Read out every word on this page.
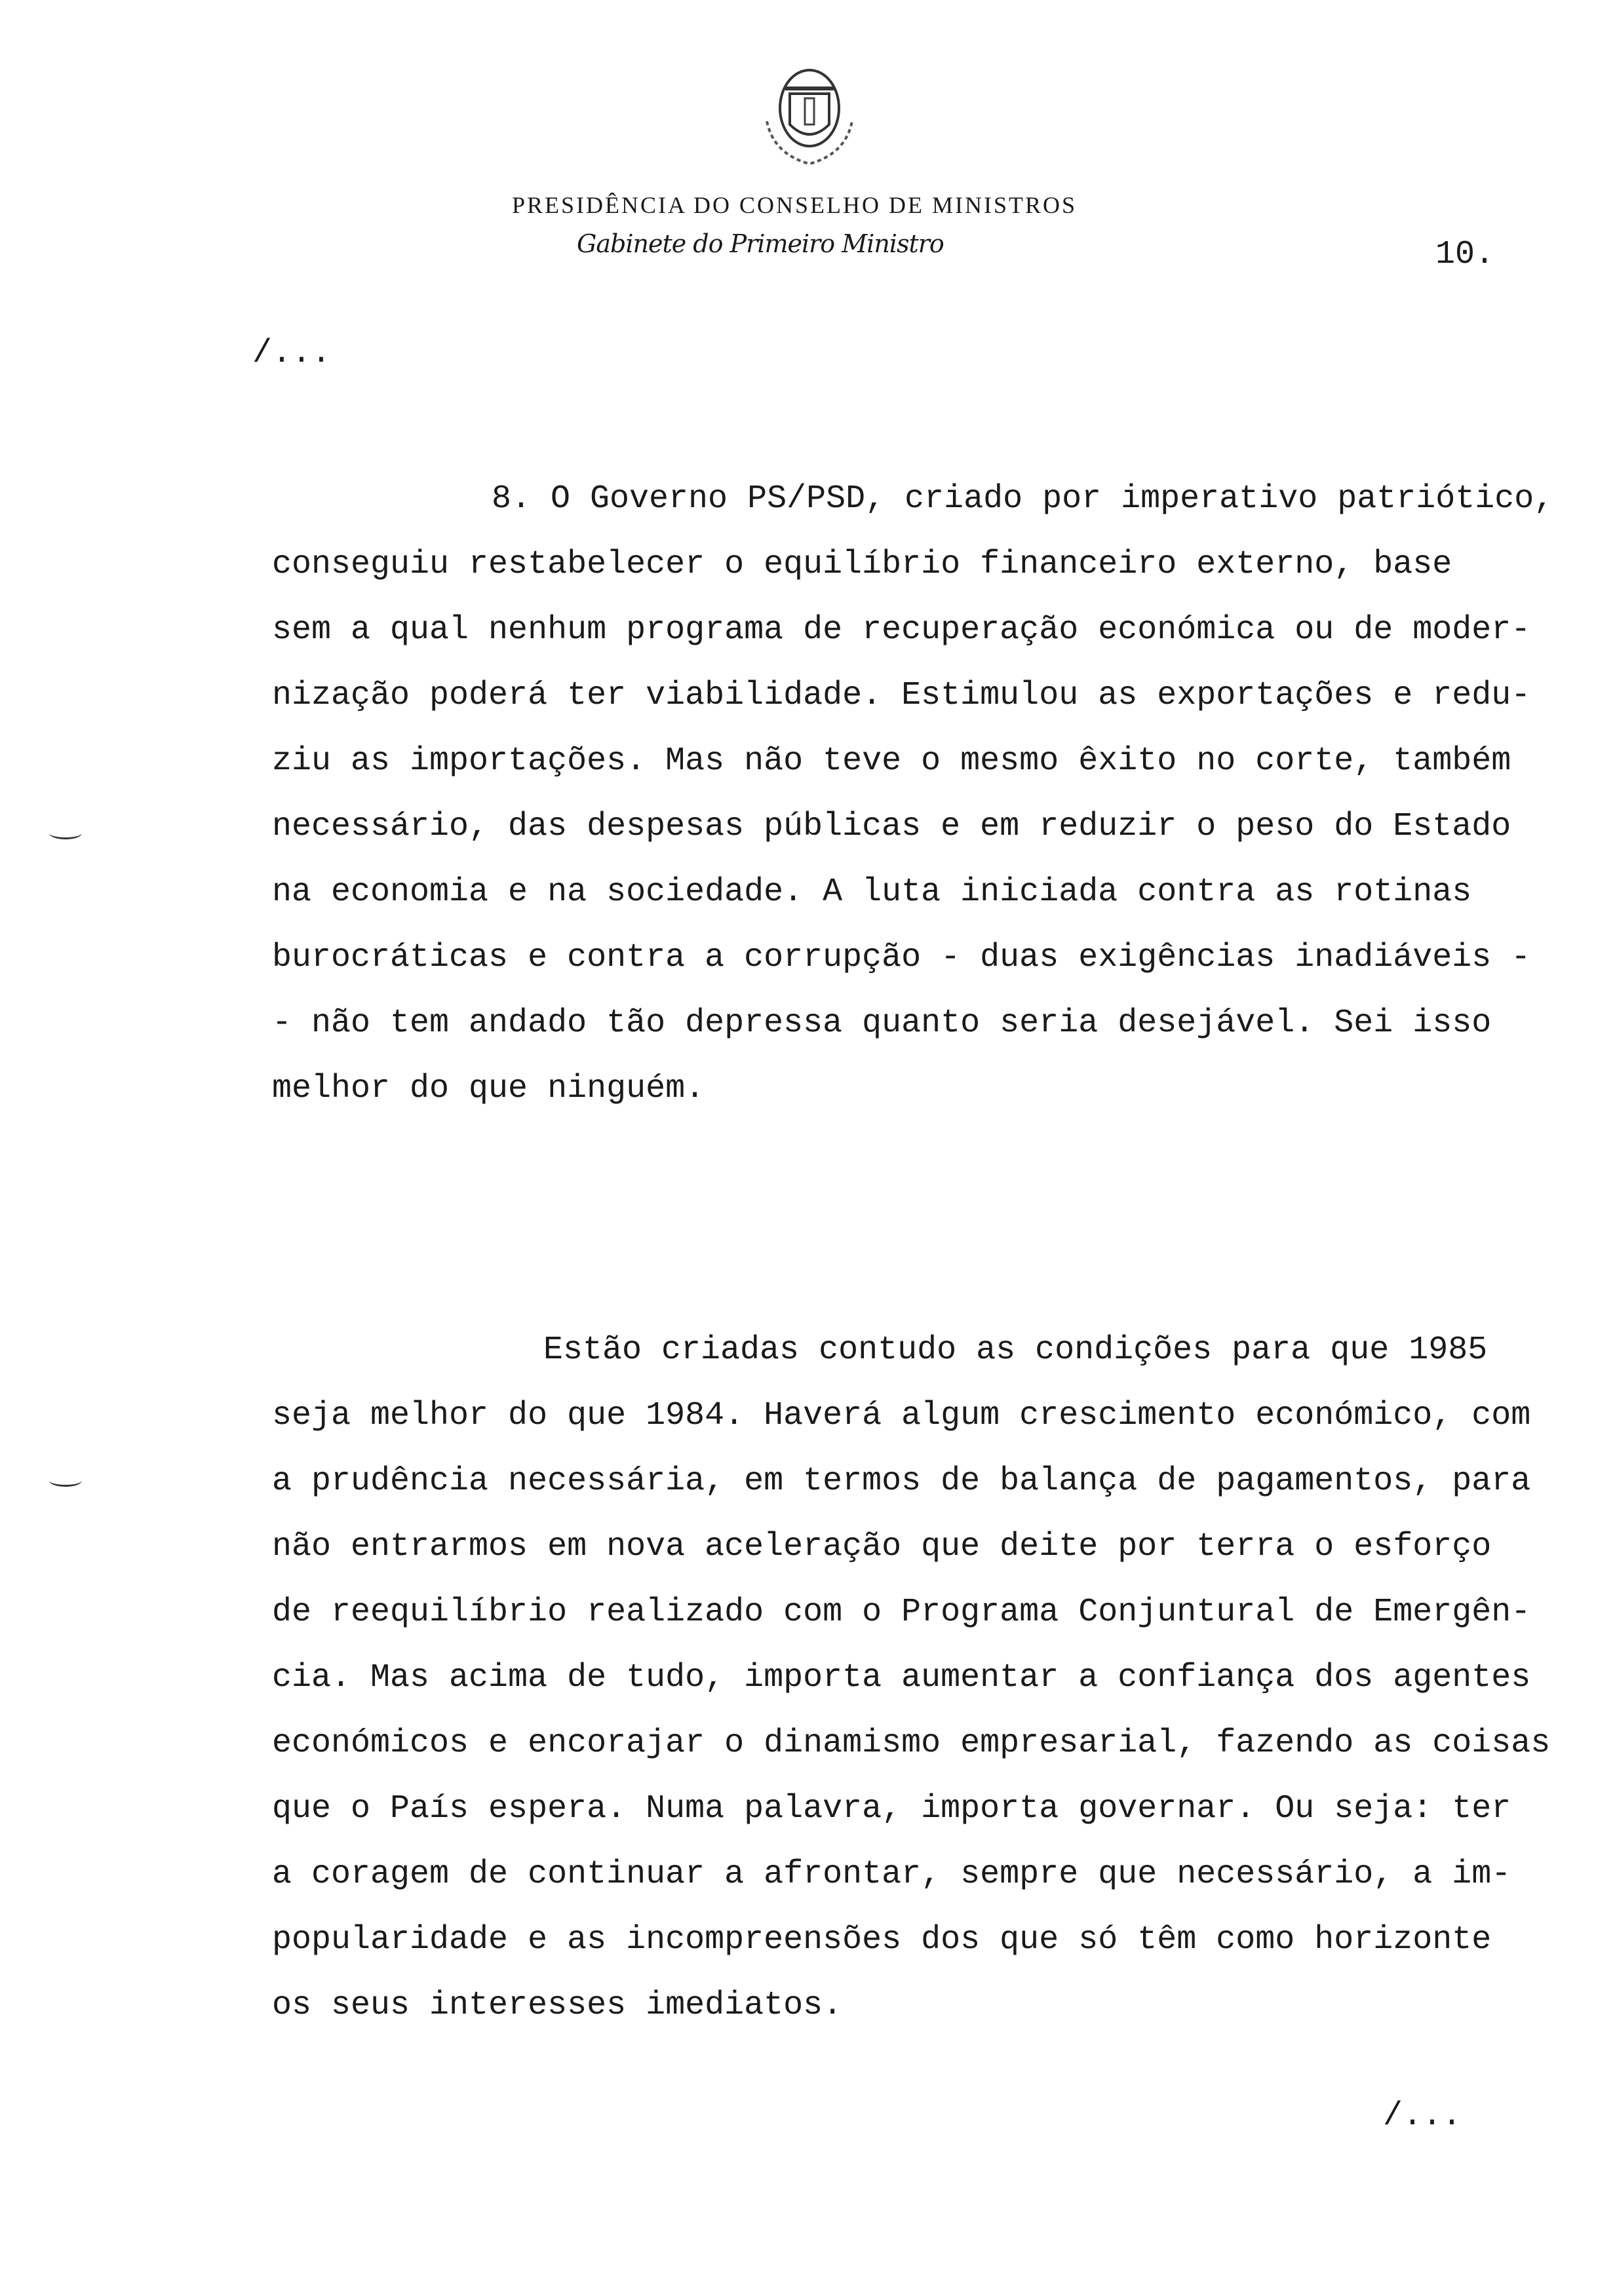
PRESIDÊNCIA DO CONSELHO DE MINISTROS
Gabinete do Primeiro Ministro	10.
/...
8. O Governo PS/PSD, criado por imperativo patriótico,
conseguiu restabelecer o equilíbrio financeiro externo, base
sem a qual nenhum programa de recuperação económica ou de moder-
nização poderá ter viabilidade. Estimulou as exportações e redu-
ziu as importações. Mas não teve o mesmo êxito no corte, também
necessário, das despesas públicas e em reduzir o peso do Estado
na economia e na sociedade. A luta iniciada contra as rotinas
burocráticas e contra a corrupção - duas exigências inadiáveis -
- não tem andado tão depressa quanto seria desejável. Sei isso
melhor do que ninguém.
Estão criadas contudo as condições para que 1985
seja melhor do que 1984. Haverá algum crescimento económico, com
a prudência necessária, em termos de balança de pagamentos, para
não entrarmos em nova aceleração que deite por terra o esforço
de reequilíbrio realizado com o Programa Conjuntural de Emergên-
cia. Mas acima de tudo, importa aumentar a confiança dos agentes
económicos e encorajar o dinamismo empresarial, fazendo as coisas
que o País espera. Numa palavra, importa governar. Ou seja: ter
a coragem de continuar a afrontar, sempre que necessário, a im-
popularidade e as incompreensões dos que só têm como horizonte
os seus interesses imediatos.
/...
